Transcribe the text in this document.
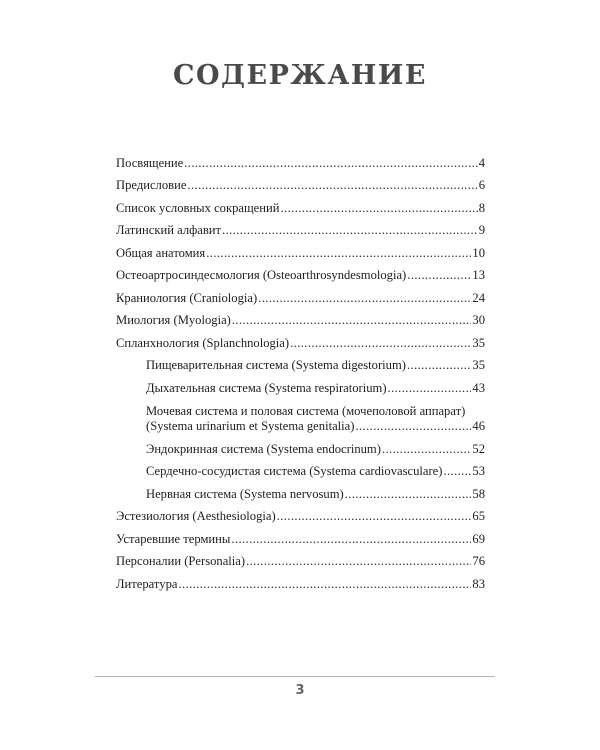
СОДЕРЖАНИЕ
Посвящение .....	4
Предисловие .....	6
Список условных сокращений .....	8
Латинский алфавит .....	9
Общая анатомия .....	10
Остеоартросиндесмология (Osteoarthrosyndesmologia) .....	13
Краниология (Craniologia) .....	24
Миология (Myologia) .....	30
Спланхнология (Splanchnologia) .....	35
Пищеварительная система (Systema digestorium) .....	35
Дыхательная система (Systema respiratorium) .....	43
Мочевая система и половая система (мочеполовой аппарат)
(Systema urinarium et Systema genitalia) .....	46
Эндокринная система (Systema endocrinum) .....	52
Сердечно-сосудистая система (Systema cardiovasculare) ..... 53
Нервная система (Systema nervosum) .....	58
Эстезиология (Aesthesiologia) .....	65
Устаревшие термины .....	69
Персоналии (Personalia) .....	76
Литература .....	83
3
